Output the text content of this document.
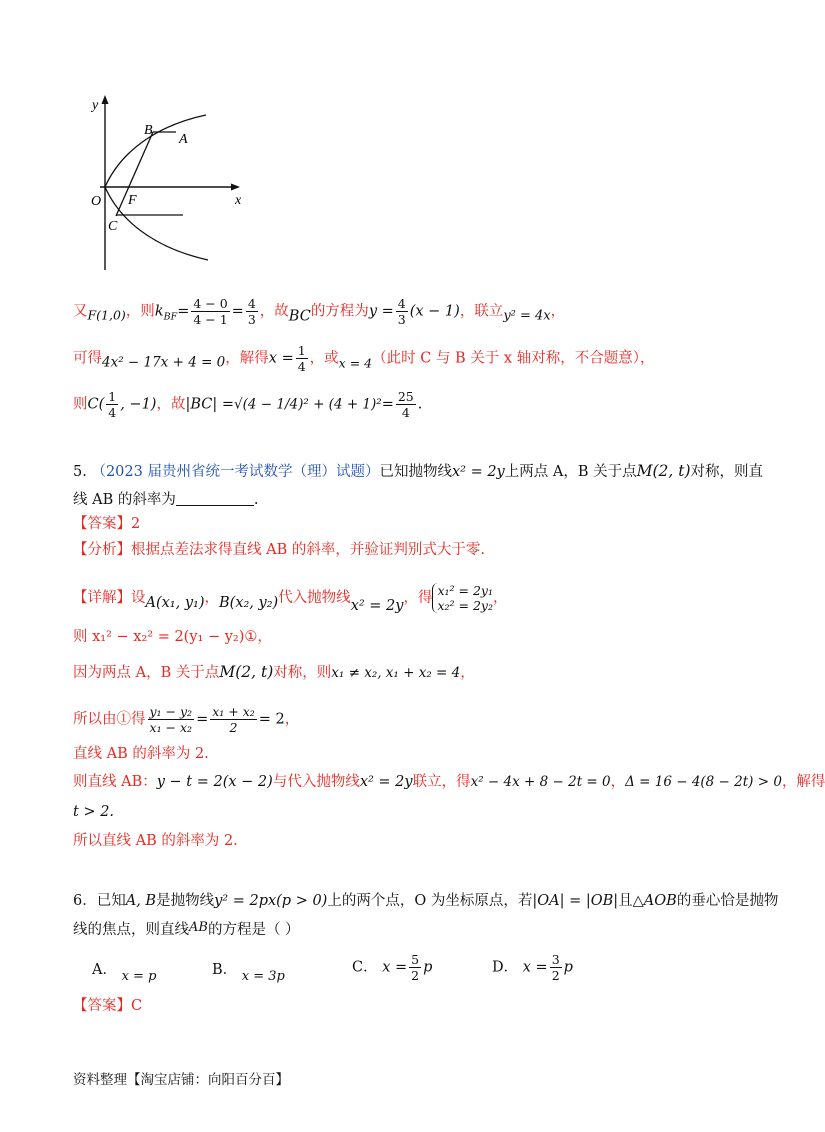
y
x
B
A
O F
C
又F(1,0)，则$k_{BF}= \frac{4 - 0}{4 - 1} = \frac{4}{3}$ ，故BC的方程为$y = \frac{4}{3} (x - 1)$，联立y² = 4x，
可得4x² − 17x + 4 = 0，解得$x = \frac{1}{4}$ ，或x = 4（此时 C 与 B 关于 x 轴对称，不合题意），
则$C( \frac{1}{4}$ , −1)，故$|BC| =√(4 - 1/4)^2 + (4 + 1)^2= \frac{25}{4}$ .
5. （2023 届贵州省统一考试数学（理）试题）已知抛物线x² = 2y上两点 A，B 关于点M(2, t)对称，则直
线 AB 的斜率为	.
【答案】2
【分析】根据点差法求得直线 AB 的斜率，并验证判别式大于零.
【详解】设A(x₁, y₁)，B(x₂, y₂)代入抛物线x² = 2y，得 x₁² = 2y₁
x₂² = 2y₂ ，
则 x₁² − x₂² = 2(y₁ − y₂)①，
因为两点 A，B 关于点M(2, t)对称，则x₁ ≠ x₂, x₁ + x₂ = 4，
所以由①得 $\frac{\text{y₁ − y₂}}{\text{x₁ − x₂}} = \frac{\text{x₁ + x₂}}{2} = 2$，
直线 AB 的斜率为 2.
则直线 AB：y − t = 2(x − 2)与代入抛物线x² = 2y联立，得x² − 4x + 8 − 2t = 0，Δ = 16 − 4(8 − 2t) > 0，解得
t > 2.
所以直线 AB 的斜率为 2.
6．已知A, B是抛物线y² = 2px(p > 0)上的两个点，O 为坐标原点，若|OA| = |OB|且△AOB的垂心恰是抛物
线的焦点，则直线AB的方程是（ ）
A． x = p	B． x = 3p
C． $x = \frac{5}{2}$ p	D． $x = \frac{3}{2}$ p
【答案】C
资料整理【淘宝店铺：向阳百分百】
